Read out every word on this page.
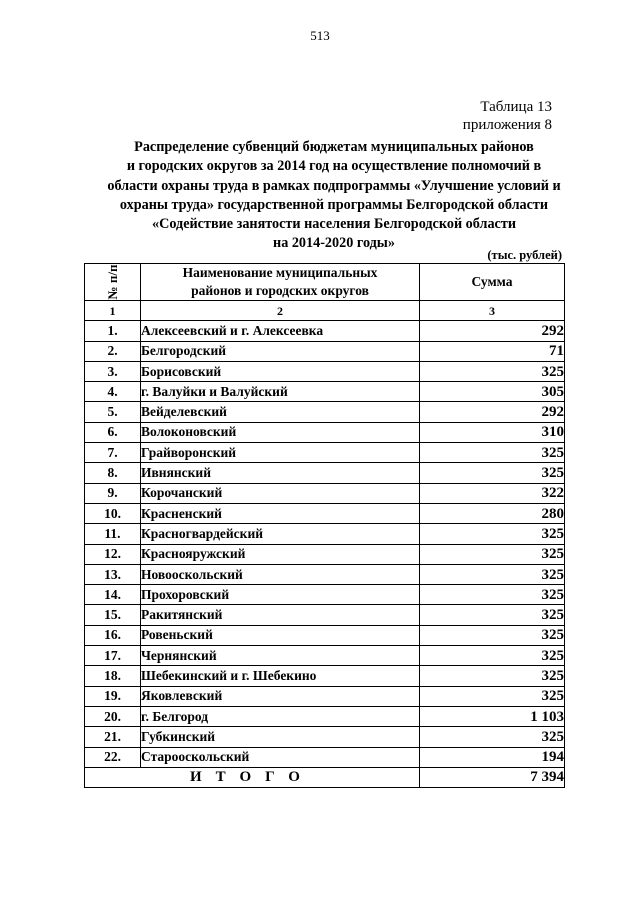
513
Таблица 13
приложения 8
Распределение субвенций бюджетам муниципальных районов
и городских округов за 2014 год на осуществление полномочий в
области охраны труда в рамках подпрограммы «Улучшение условий и
охраны труда» государственной программы Белгородской области
«Содействие занятости населения Белгородской области
на 2014-2020 годы»
(тыс. рублей)
№ п/п	Наименование муниципальных
районов и городских округов	Сумма
1	2	3
1.	Алексеевский и г. Алексеевка	292
2.	Белгородский	71
3.	Борисовский	325
4.	г. Валуйки и Валуйский	305
5.	Вейделевский	292
6.	Волоконовский	310
7.	Грайворонский	325
8.	Ивнянский	325
9.	Корочанский	322
10.	Красненский	280
11.	Красногвардейский	325
12.	Краснояружский	325
13.	Новооскольский	325
14.	Прохоровский	325
15.	Ракитянский	325
16.	Ровеньский	325
17.	Чернянский	325
18.	Шебекинский и г. Шебекино	325
19.	Яковлевский	325
20.	г. Белгород	1 103
21.	Губкинский	325
22.	Старооскольский	194
ИТОГО		7 394
